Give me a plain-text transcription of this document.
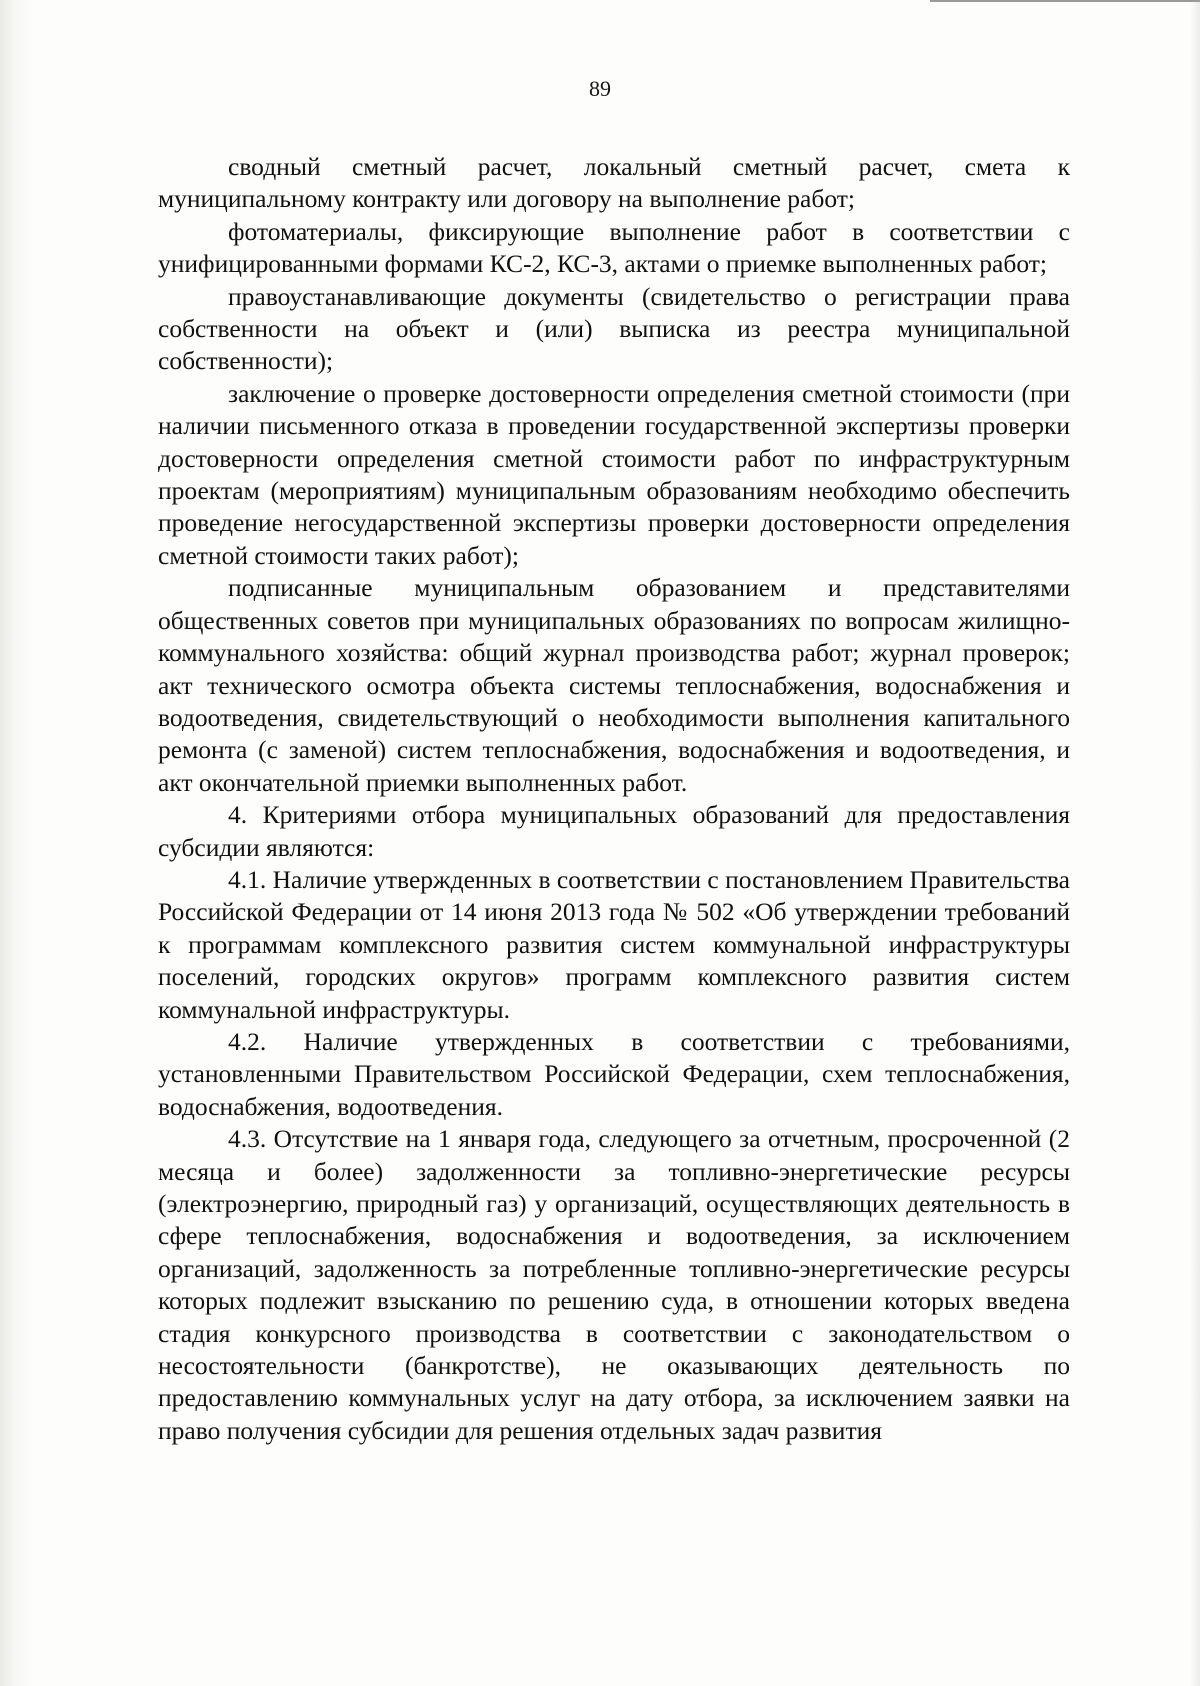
89

сводный сметный расчет, локальный сметный расчет, смета к муниципальному контракту или договору на выполнение работ;

фотоматериалы, фиксирующие выполнение работ в соответствии с унифицированными формами КС-2, КС-3, актами о приемке выполненных работ;

правоустанавливающие документы (свидетельство о регистрации права собственности на объект и (или) выписка из реестра муниципальной собственности);

заключение о проверке достоверности определения сметной стоимости (при наличии письменного отказа в проведении государственной экспертизы проверки достоверности определения сметной стоимости работ по инфраструктурным проектам (мероприятиям) муниципальным образованиям необходимо обеспечить проведение негосударственной экспертизы проверки достоверности определения сметной стоимости таких работ);

подписанные муниципальным образованием и представителями общественных советов при муниципальных образованиях по вопросам жилищно-коммунального хозяйства: общий журнал производства работ; журнал проверок; акт технического осмотра объекта системы теплоснабжения, водоснабжения и водоотведения, свидетельствующий о необходимости выполнения капитального ремонта (с заменой) систем теплоснабжения, водоснабжения и водоотведения, и акт окончательной приемки выполненных работ.

4. Критериями отбора муниципальных образований для предоставления субсидии являются:

4.1. Наличие утвержденных в соответствии с постановлением Правительства Российской Федерации от 14 июня 2013 года № 502 «Об утверждении требований к программам комплексного развития систем коммунальной инфраструктуры поселений, городских округов» программ комплексного развития систем коммунальной инфраструктуры.

4.2. Наличие утвержденных в соответствии с требованиями, установленными Правительством Российской Федерации, схем теплоснабжения, водоснабжения, водоотведения.

4.3. Отсутствие на 1 января года, следующего за отчетным, просроченной (2 месяца и более) задолженности за топливно-энергетические ресурсы (электроэнергию, природный газ) у организаций, осуществляющих деятельность в сфере теплоснабжения, водоснабжения и водоотведения, за исключением организаций, задолженность за потребленные топливно-энергетические ресурсы которых подлежит взысканию по решению суда, в отношении которых введена стадия конкурсного производства в соответствии с законодательством о несостоятельности (банкротстве), не оказывающих деятельность по предоставлению коммунальных услуг на дату отбора, за исключением заявки на право получения субсидии для решения отдельных задач развития
